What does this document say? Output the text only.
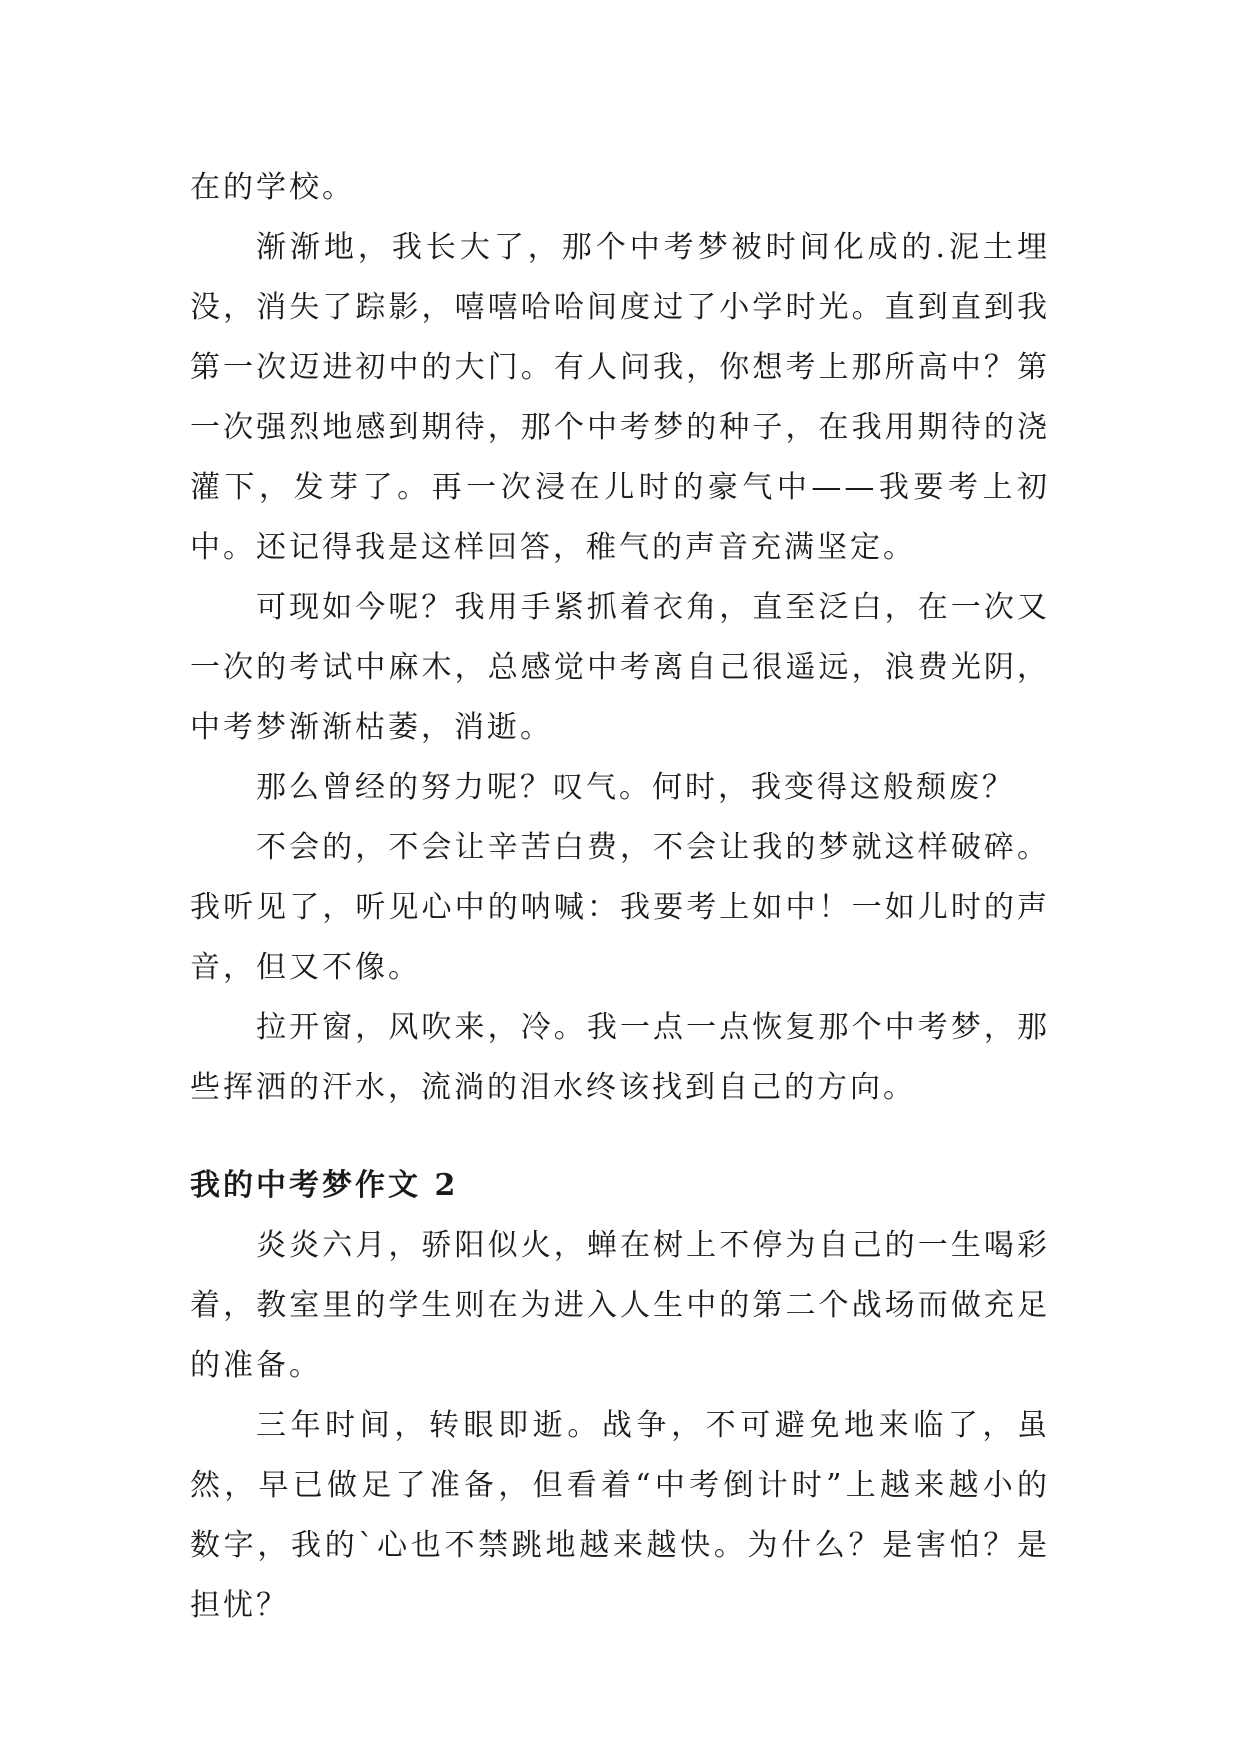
在的学校。

渐渐地，我长大了，那个中考梦被时间化成的.泥土埋没，消失了踪影，嘻嘻哈哈间度过了小学时光。直到直到我第一次迈进初中的大门。有人问我，你想考上那所高中？第一次强烈地感到期待，那个中考梦的种子，在我用期待的浇灌下，发芽了。再一次浸在儿时的豪气中——我要考上初中。还记得我是这样回答，稚气的声音充满坚定。

可现如今呢？我用手紧抓着衣角，直至泛白，在一次又一次的考试中麻木，总感觉中考离自己很遥远，浪费光阴，中考梦渐渐枯萎，消逝。

那么曾经的努力呢？叹气。何时，我变得这般颓废？

不会的，不会让辛苦白费，不会让我的梦就这样破碎。我听见了，听见心中的呐喊：我要考上如中！一如儿时的声音，但又不像。

拉开窗，风吹来，冷。我一点一点恢复那个中考梦，那些挥洒的汗水，流淌的泪水终该找到自己的方向。

我的中考梦作文 2

炎炎六月，骄阳似火，蝉在树上不停为自己的一生喝彩着，教室里的学生则在为进入人生中的第二个战场而做充足的准备。

三年时间，转眼即逝。战争，不可避免地来临了，虽然，早已做足了准备，但看着“中考倒计时”上越来越小的数字，我的`心也不禁跳地越来越快。为什么？是害怕？是担忧？
